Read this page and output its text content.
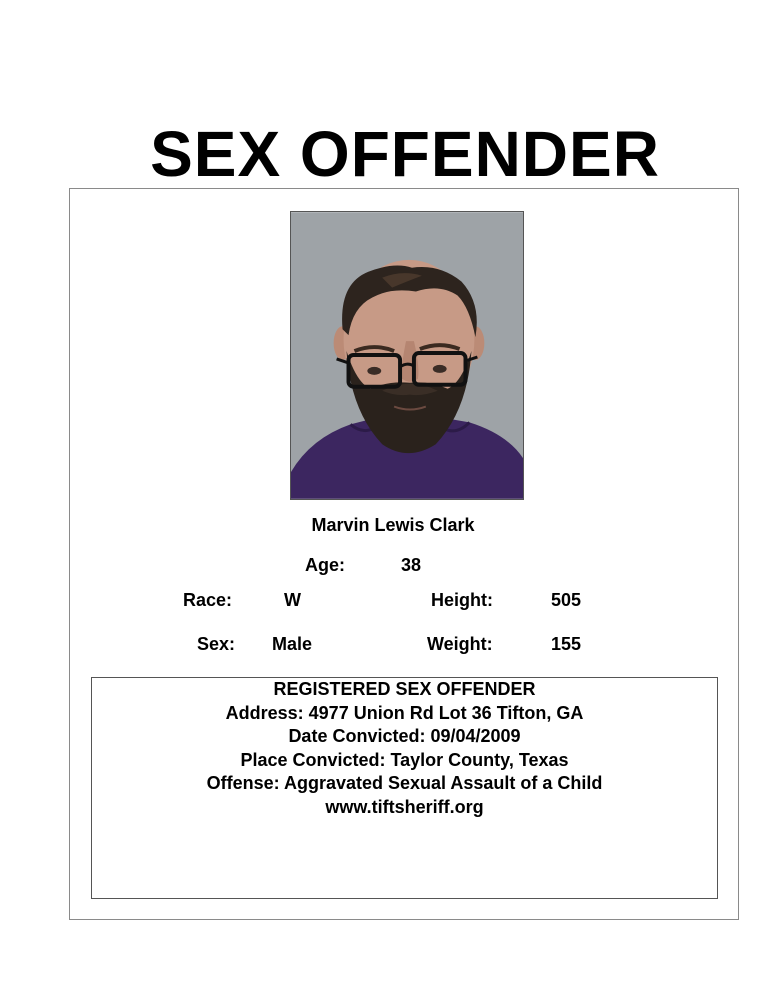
SEX OFFENDER
Marvin Lewis Clark
Age:	38
Race:	W	Height:	505
Sex: Male	Weight:	155
REGISTERED SEX OFFENDER
Address: 4977 Union Rd Lot 36 Tifton, GA
Date Convicted: 09/04/2009
Place Convicted: Taylor County, Texas
Offense: Aggravated Sexual Assault of a Child
www.tiftsheriff.org
